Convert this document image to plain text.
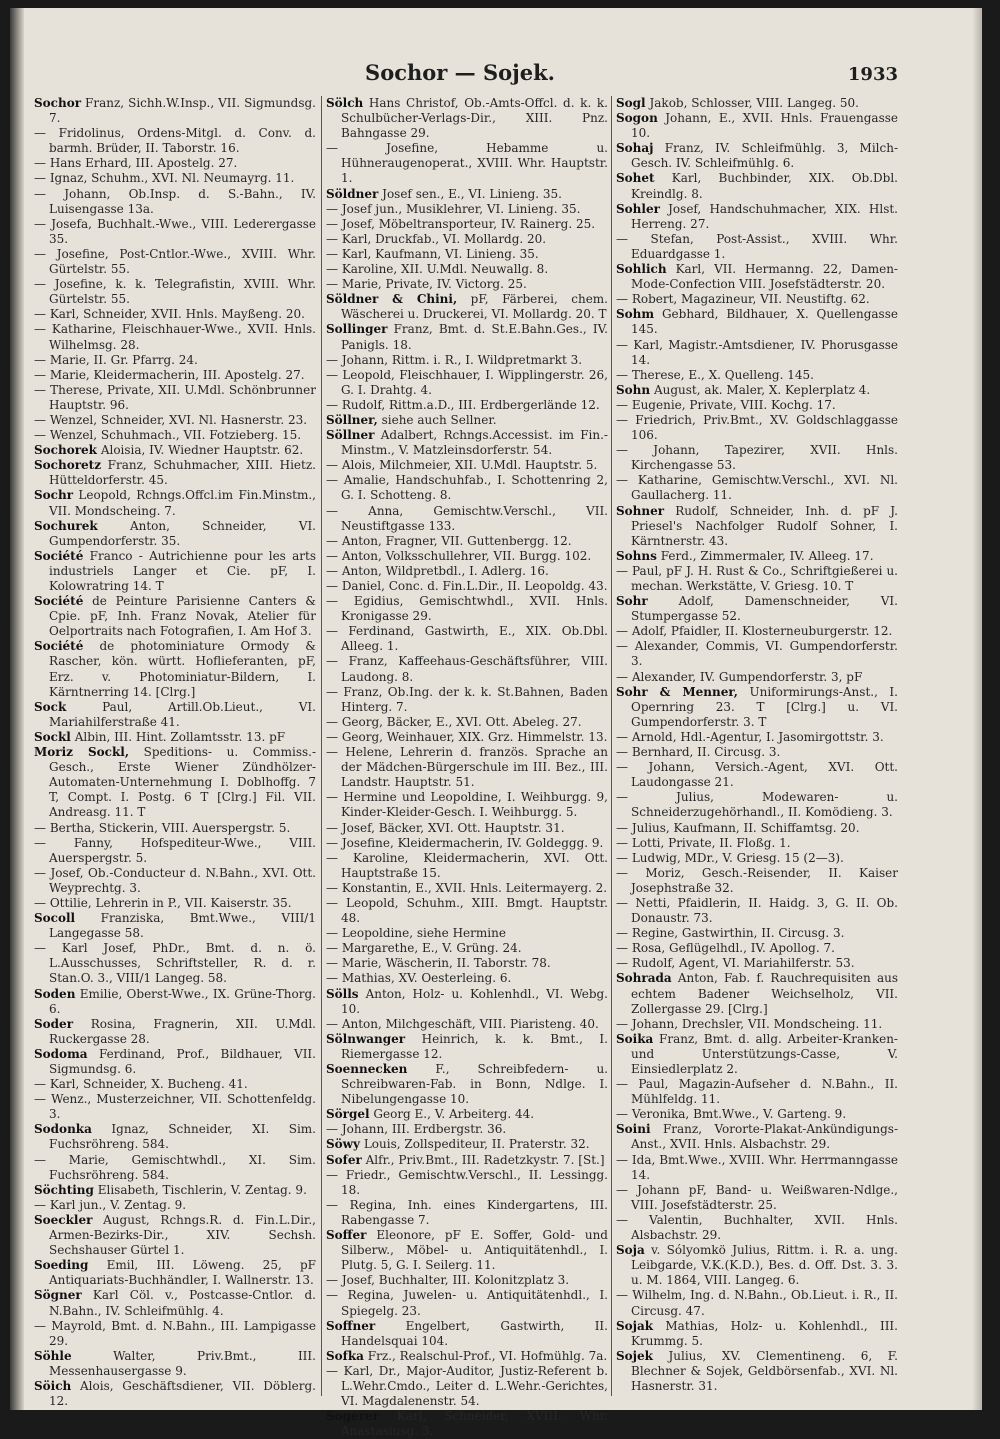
Sochor — Sojek.	1933

Sochor Franz, Sichh.W.Insp., VII. Sigmundsg. 7.

— Fridolinus, Ordens-Mitgl. d. Conv. d. barmh. Brüder, II. Taborstr. 16.

— Hans Erhard, III. Apostelg. 27.

— Ignaz, Schuhm., XVI. Nl. Neumayrg. 11.

— Johann, Ob.Insp. d. S.-Bahn., IV. Luisengasse 13a.

— Josefa, Buchhalt.-Wwe., VIII. Lederergasse 35.

— Josefine, Post-Cntlor.-Wwe., XVIII. Whr. Gürtelstr. 55.

— Josefine, k. k. Telegrafistin, XVIII. Whr. Gürtelstr. 55.

— Karl, Schneider, XVII. Hnls. Mayßeng. 20.

— Katharine, Fleischhauer-Wwe., XVII. Hnls. Wilhelmsg. 28.

— Marie, II. Gr. Pfarrg. 24.

— Marie, Kleidermacherin, III. Apostelg. 27.

— Therese, Private, XII. U.Mdl. Schönbrunner Hauptstr. 96.

— Wenzel, Schneider, XVI. Nl. Hasnerstr. 23.

— Wenzel, Schuhmach., VII. Fotzieberg. 15.

Sochorek Aloisia, IV. Wiedner Hauptstr. 62.

Sochoretz Franz, Schuhmacher, XIII. Hietz. Hütteldorferstr. 45.

Sochr Leopold, Rchngs.Offcl.im Fin.Minstm., VII. Mondscheing. 7.

Sochurek	Anton, Schneider, VI. Gumpendorferstr. 35.

Société Franco - Autrichienne pour les arts industriels Langer et Cie. pF, I. Kolowratring 14. T

Société de Peinture Parisienne Canters & Cpie. pF, Inh. Franz Novak, Atelier für Oelportraits nach Fotografien, I. Am Hof 3.

Société de photominiature Ormody & Rascher, kön. württ. Hoflieferanten, pF, Erz. v. Photominiatur-Bildern, I. Kärntnerring 14. [Clrg.]

Sock	Paul, Artill.Ob.Lieut., VI. Mariahilferstraße 41.

Sockl Albin, III. Hint. Zollamtsstr. 13. pF

Moriz Sockl, Speditions- u. Commiss.-Gesch., Erste Wiener Zündhölzer-Automaten-Unternehmung I. Doblhoffg. 7 T, Compt. I. Postg. 6 T [Clrg.] Fil. VII. Andreasg. 11. T

— Bertha, Stickerin, VIII. Auerspergstr. 5.

— Fanny, Hofspediteur-Wwe., VIII. Auerspergstr. 5.

— Josef, Ob.-Conducteur d. N.Bahn., XVI. Ott. Weyprechtg. 3.

— Ottilie, Lehrerin in P., VII. Kaiserstr. 35.

Socoll Franziska, Bmt.Wwe., VIII/1 Langegasse 58.

— Karl Josef, PhDr., Bmt. d. n. ö. L.Ausschusses, Schriftsteller, R. d. r. Stan.O. 3., VIII/1 Langeg. 58.

Soden Emilie, Oberst-Wwe., IX. Grüne-Thorg. 6.

Soder Rosina, Fragnerin, XII. U.Mdl. Ruckergasse 28.

Sodoma Ferdinand, Prof., Bildhauer, VII. Sigmundsg. 6.

— Karl, Schneider, X. Bucheng. 41.

— Wenz., Musterzeichner, VII. Schottenfeldg. 3.

Sodonka Ignaz, Schneider, XI. Sim. Fuchsröhreng. 584.

— Marie, Gemischtwhdl., XI. Sim. Fuchsröhreng. 584.

Söchting Elisabeth, Tischlerin, V. Zentag. 9.

— Karl jun., V. Zentag. 9.

Soeckler August, Rchngs.R. d. Fin.L.Dir., Armen-Bezirks-Dir., XIV. Sechsh. Sechshauser Gürtel 1.

Soeding Emil, III. Löweng. 25, pF Antiquariats-Buchhändler, I. Wallnerstr. 13.

Sögner Karl Cöl. v., Postcasse-Cntlor. d. N.Bahn., IV. Schleifmühlg. 4.

— Mayrold, Bmt. d. N.Bahn., III. Lampigasse 29.

Söhle	Walter, Priv.Bmt., III. Messenhausergasse 9.

Söich Alois, Geschäftsdiener, VII. Döblerg. 12.

Sölch Hans Christof, Ob.-Amts-Offcl. d. k. k. Schulbücher-Verlags-Dir., XIII. Pnz. Bahngasse 29.

— Josefine, Hebamme u. Hühneraugenoperat., XVIII. Whr. Hauptstr. 1.

Söldner Josef sen., E., VI. Linieng. 35.

— Josef jun., Musiklehrer, VI. Linieng. 35.

— Josef, Möbeltransporteur, IV. Rainerg. 25.

— Karl, Druckfab., VI. Mollardg. 20.

— Karl, Kaufmann, VI. Linieng. 35.

— Karoline, XII. U.Mdl. Neuwallg. 8.

— Marie, Private, IV. Victorg. 25.

Söldner & Chini, pF, Färberei, chem. Wäscherei u. Druckerei, VI. Mollardg. 20. T

Sollinger Franz, Bmt. d. St.E.Bahn.Ges., IV. Panigls. 18.

— Johann, Rittm. i. R., I. Wildpretmarkt 3.

— Leopold, Fleischhauer, I. Wipplingerstr. 26, G. I. Drahtg. 4.

— Rudolf, Rittm.a.D., III. Erdbergerlände 12.

Söllner, siehe auch Sellner.

Söllner Adalbert, Rchngs.Accessist. im Fin.-Minstm., V. Matzleinsdorferstr. 54.

— Alois, Milchmeier, XII. U.Mdl. Hauptstr. 5.

— Amalie, Handschuhfab., I. Schottenring 2, G. I. Schotteng. 8.

— Anna, Gemischtw.Verschl., VII. Neustiftgasse 133.

— Anton, Fragner, VII. Guttenbergg. 12.

— Anton, Volksschullehrer, VII. Burgg. 102.

— Anton, Wildpretbdl., I. Adlerg. 16.

— Daniel, Conc. d. Fin.L.Dir., II. Leopoldg. 43.

— Egidius, Gemischtwhdl., XVII. Hnls. Kronigasse 29.

— Ferdinand, Gastwirth, E., XIX. Ob.Dbl. Alleeg. 1.

— Franz, Kaffeehaus-Geschäftsführer, VIII. Laudong. 8.

— Franz, Ob.Ing. der k. k. St.Bahnen, Baden Hinterg. 7.

— Georg, Bäcker, E., XVI. Ott. Abeleg. 27.

— Georg, Weinhauer, XIX. Grz. Himmelstr. 13.

— Helene, Lehrerin d. französ. Sprache an der Mädchen-Bürgerschule im III. Bez., III. Landstr. Hauptstr. 51.

— Hermine und Leopoldine, I. Weihburgg. 9, Kinder-Kleider-Gesch. I. Weihburgg. 5.

— Josef, Bäcker, XVI. Ott. Hauptstr. 31.

— Josefine, Kleidermacherin, IV. Goldeggg. 9.

— Karoline, Kleidermacherin, XVI. Ott. Hauptstraße 15.

— Konstantin, E., XVII. Hnls. Leitermayerg. 2.

— Leopold, Schuhm., XIII. Bmgt. Hauptstr. 48.

— Leopoldine, siehe Hermine

— Margarethe, E., V. Grüng. 24.

— Marie, Wäscherin, II. Taborstr. 78.

— Mathias, XV. Oesterleing. 6.

Sölls Anton, Holz- u. Kohlenhdl., VI. Webg. 10.

— Anton, Milchgeschäft, VIII. Piaristeng. 40.

Sölnwanger Heinrich, k. k. Bmt., I. Riemergasse 12.

Soennecken F., Schreibfedern- u. Schreibwaren-Fab. in Bonn, Ndlge. I. Nibelungengasse 10.

Sörgel Georg E., V. Arbeiterg. 44.

— Johann, III. Erdbergstr. 36.

Söwy Louis, Zollspediteur, II. Praterstr. 32.

Sofer Alfr., Priv.Bmt., III. Radetzkystr. 7. [St.]

— Friedr., Gemischtw.Verschl., II. Lessingg. 18.

— Regina, Inh. eines Kindergartens, III. Rabengasse 7.

Soffer Eleonore, pF E. Soffer, Gold- und Silberw., Möbel- u. Antiquitätenhdl., I. Plutg. 5, G. I. Seilerg. 11.

— Josef, Buchhalter, III. Kolonitzplatz 3.

— Regina, Juwelen- u. Antiquitätenhdl., I. Spiegelg. 23.

Soffner	Engelbert, Gastwirth, II. Handelsquai 104.

Sofka Frz., Realschul-Prof., VI. Hofmühlg. 7a.

— Karl, Dr., Major-Auditor, Justiz-Referent b. L.Wehr.Cmdo., Leiter d. L.Wehr.-Gerichtes, VI. Magdalenenstr. 54.

Sogerer Karl, Schneider, XVIII. Whr. Anastasiusg. 3.

Sogl Jakob, Schlosser, VIII. Langeg. 50.

Sogon Johann, E., XVII. Hnls. Frauengasse 10.

Sohaj Franz, IV. Schleifmühlg. 3, Milch-Gesch. IV. Schleifmühlg. 6.

Sohet Karl, Buchbinder, XIX. Ob.Dbl. Kreindlg. 8.

Sohler Josef, Handschuhmacher, XIX. Hlst. Herreng. 27.

— Stefan, Post-Assist., XVIII. Whr. Eduardgasse 1.

Sohlich Karl, VII. Hermanng. 22, Damen-Mode-Confection VIII. Josefstädterstr. 20.

— Robert, Magazineur, VII. Neustiftg. 62.

Sohm Gebhard, Bildhauer, X. Quellengasse 145.

— Karl, Magistr.-Amtsdiener, IV. Phorusgasse 14.

— Therese, E., X. Quelleng. 145.

Sohn August, ak. Maler, X. Keplerplatz 4.

— Eugenie, Private, VIII. Kochg. 17.

— Friedrich, Priv.Bmt., XV. Goldschlaggasse 106.

— Johann, Tapezirer, XVII. Hnls. Kirchengasse 53.

— Katharine, Gemischtw.Verschl., XVI. Nl. Gaullacherg. 11.

Sohner Rudolf, Schneider, Inh. d. pF J. Priesel's Nachfolger Rudolf Sohner, I. Kärntnerstr. 43.

Sohns Ferd., Zimmermaler, IV. Alleeg. 17.

— Paul, pF J. H. Rust & Co., Schriftgießerei u. mechan. Werkstätte, V. Griesg. 10. T

Sohr	Adolf, Damenschneider, VI. Stumpergasse 52.

— Adolf, Pfaidler, II. Klosterneuburgerstr. 12.

— Alexander, Commis, VI. Gumpendorferstr. 3.

— Alexander, IV. Gumpendorferstr. 3, pF

Sohr & Menner, Uniformirungs-Anst., I. Opernring 23. T [Clrg.] u. VI. Gumpendorferstr. 3. T

— Arnold, Hdl.-Agentur, I. Jasomirgottstr. 3.

— Bernhard, II. Circusg. 3.

— Johann, Versich.-Agent, XVI. Ott. Laudongasse 21.

— Julius, Modewaren- u. Schneiderzugehörhandl., II. Komödieng. 3.

— Julius, Kaufmann, II. Schiffamtsg. 20.

— Lotti, Private, II. Floßg. 1.

— Ludwig, MDr., V. Griesg. 15 (2—3).

— Moriz, Gesch.-Reisender, II. Kaiser Josephstraße 32.

— Netti, Pfaidlerin, II. Haidg. 3, G. II. Ob. Donaustr. 73.

— Regine, Gastwirthin, II. Circusg. 3.

— Rosa, Geflügelhdl., IV. Apollog. 7.

— Rudolf, Agent, VI. Mariahilferstr. 53.

Sohrada Anton, Fab. f. Rauchrequisiten aus echtem Badener Weichselholz, VII. Zollergasse 29. [Clrg.]

— Johann, Drechsler, VII. Mondscheing. 11.

Soika Franz, Bmt. d. allg. Arbeiter-Kranken- und Unterstützungs-Casse, V. Einsiedlerplatz 2.

— Paul, Magazin-Aufseher d. N.Bahn., II. Mühlfeldg. 11.

— Veronika, Bmt.Wwe., V. Garteng. 9.

Soini Franz, Vororte-Plakat-Ankündigungs-Anst., XVII. Hnls. Alsbachstr. 29.

— Ida, Bmt.Wwe., XVIII. Whr. Herrmanngasse 14.

— Johann pF, Band- u. Weißwaren-Ndlge., VIII. Josefstädterstr. 25.

— Valentin, Buchhalter, XVII. Hnls. Alsbachstr. 29.

Soja v. Sólyomkö Julius, Rittm. i. R. a. ung. Leibgarde, V.K.(K.D.), Bes. d. Off. Dst. 3. 3. u. M. 1864, VIII. Langeg. 6.

— Wilhelm, Ing. d. N.Bahn., Ob.Lieut. i. R., II. Circusg. 47.

Sojak Mathias, Holz- u. Kohlenhdl., III. Krummg. 5.

Sojek Julius, XV. Clementineng. 6, F. Blechner & Sojek, Geldbörsenfab., XVI. Nl. Hasnerstr. 31.
